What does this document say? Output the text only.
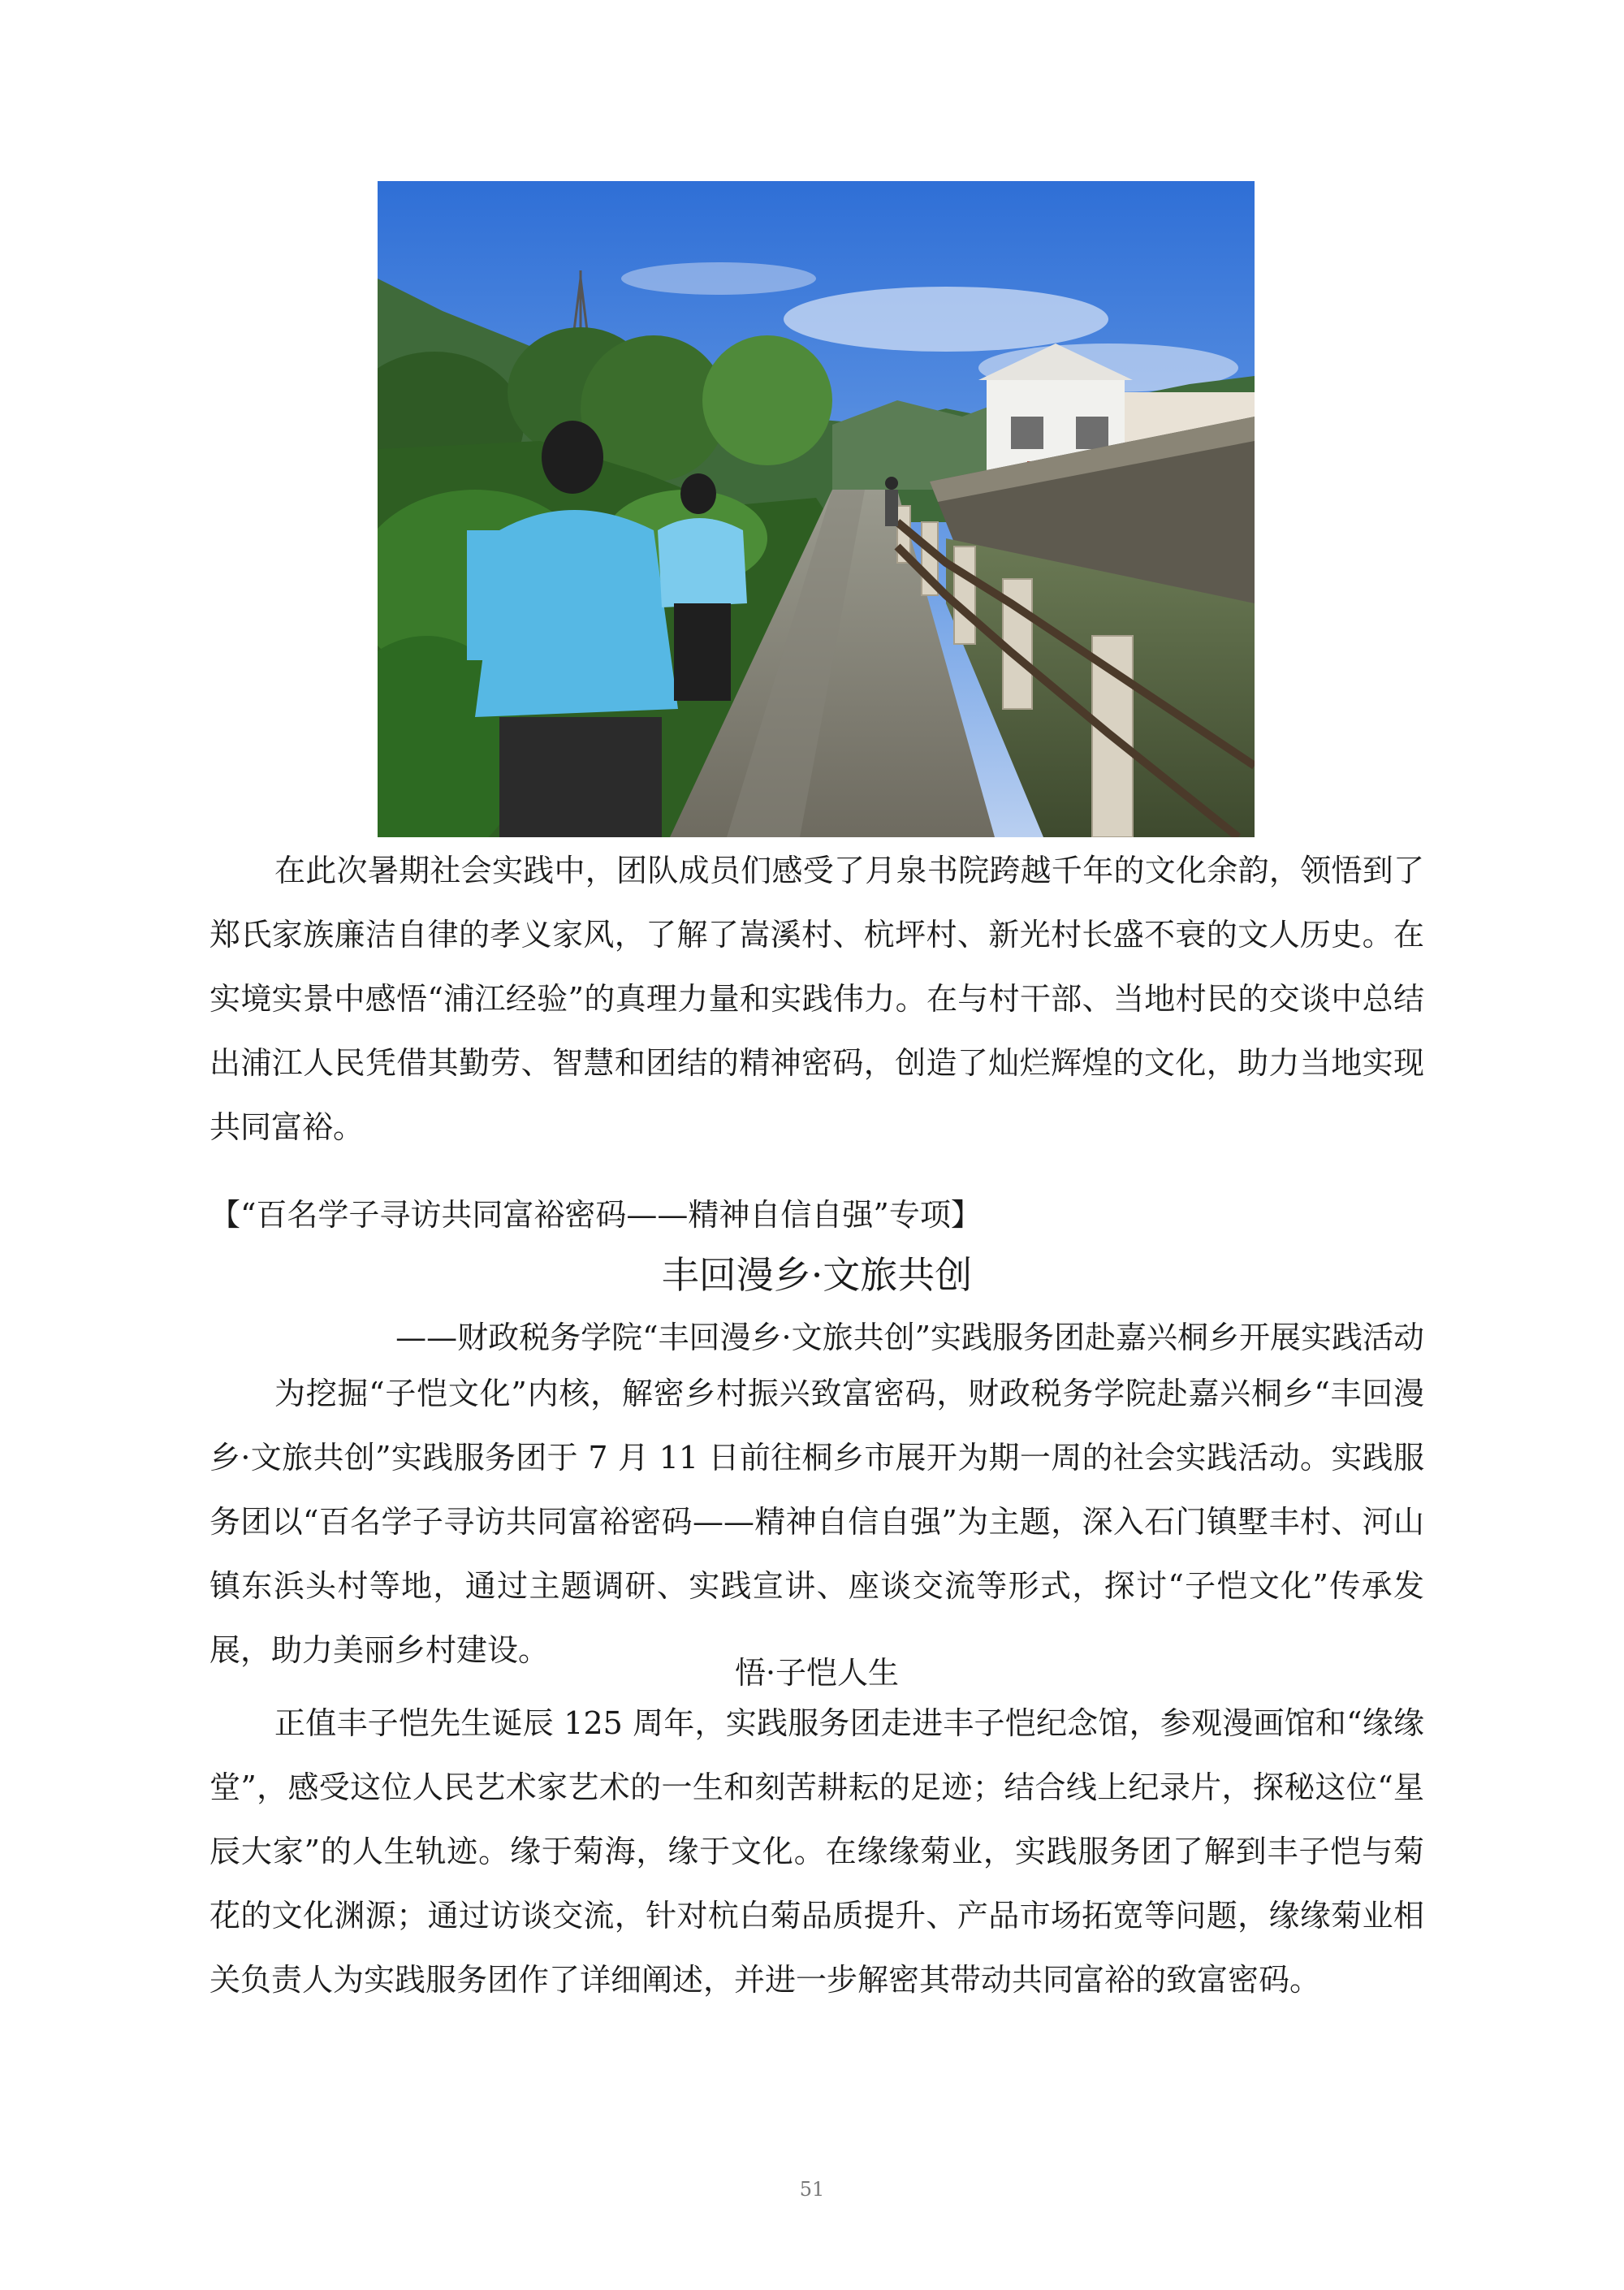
在此次暑期社会实践中，团队成员们感受了月泉书院跨越千年的文化余韵，领悟到了郑氏家族廉洁自律的孝义家风，了解了嵩溪村、杭坪村、新光村长盛不衰的文人历史。在实境实景中感悟“浦江经验”的真理力量和实践伟力。在与村干部、当地村民的交谈中总结出浦江人民凭借其勤劳、智慧和团结的精神密码，创造了灿烂辉煌的文化，助力当地实现共同富裕。

【“百名学子寻访共同富裕密码——精神自信自强”专项】

丰回漫乡·文旅共创

——财政税务学院“丰回漫乡·文旅共创”实践服务团赴嘉兴桐乡开展实践活动

为挖掘“子恺文化”内核，解密乡村振兴致富密码，财政税务学院赴嘉兴桐乡“丰回漫乡·文旅共创”实践服务团于 7 月 11 日前往桐乡市展开为期一周的社会实践活动。实践服务团以“百名学子寻访共同富裕密码——精神自信自强”为主题，深入石门镇墅丰村、河山镇东浜头村等地，通过主题调研、实践宣讲、座谈交流等形式，探讨“子恺文化”传承发展，助力美丽乡村建设。

悟·子恺人生

正值丰子恺先生诞辰 125 周年，实践服务团走进丰子恺纪念馆，参观漫画馆和“缘缘堂”，感受这位人民艺术家艺术的一生和刻苦耕耘的足迹；结合线上纪录片，探秘这位“星辰大家”的人生轨迹。缘于菊海，缘于文化。在缘缘菊业，实践服务团了解到丰子恺与菊花的文化渊源；通过访谈交流，针对杭白菊品质提升、产品市场拓宽等问题，缘缘菊业相关负责人为实践服务团作了详细阐述，并进一步解密其带动共同富裕的致富密码。

51
